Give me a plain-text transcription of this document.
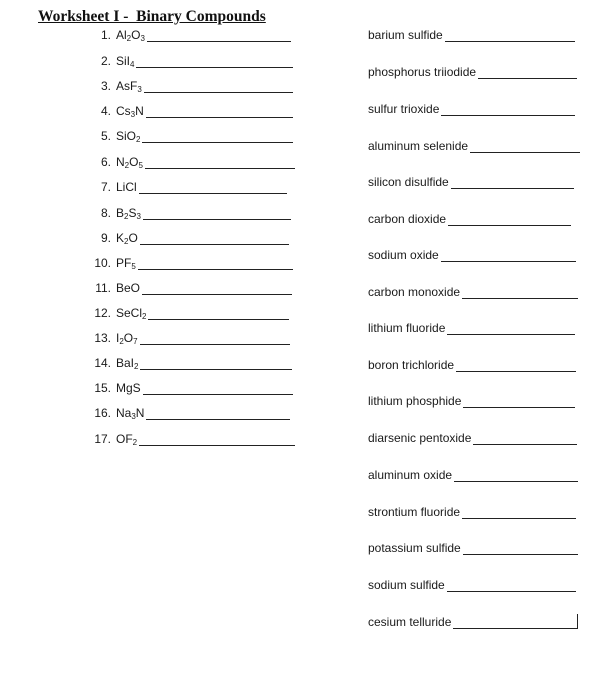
Worksheet I -  Binary Compounds
1. $Al_2O_3$
2. SiI$_4$
3. AsF$_3$
4. $Cs_3N$
5. SiO$_2$
6. $N_2O_5$
7. LiCl
8. $B_2S_3$
9. $K_2O$
10. $PF_5$
11. BeO
12. SeCl$_2$
13. $I_2O_7$
14. BaI$_2$
15. MgS
16. $Na_3N$
17. $OF_2$
barium sulfide
phosphorus triiodide
sulfur trioxide
aluminum selenide
silicon disulfide
carbon dioxide
sodium oxide
carbon monoxide
lithium fluoride
boron trichloride
lithium phosphide
diarsenic pentoxide
aluminum oxide
strontium fluoride
potassium sulfide
sodium sulfide
cesium telluride
